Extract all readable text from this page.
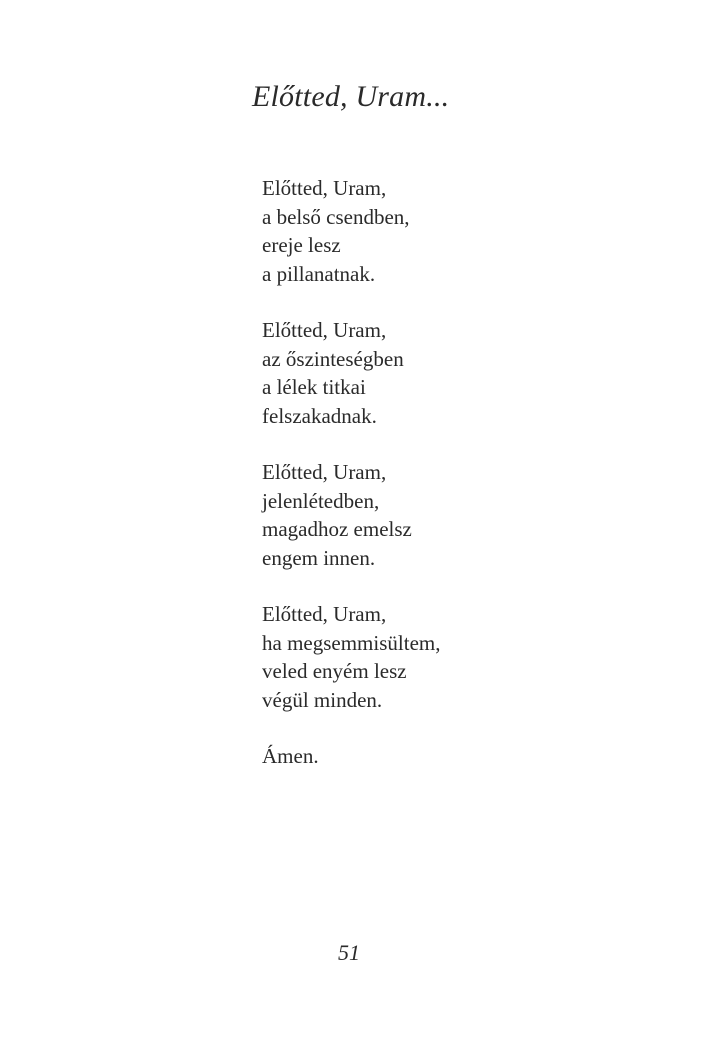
Előtted, Uram...
Előtted, Uram,
a belső csendben,
ereje lesz
a pillanatnak.
Előtted, Uram,
az őszinteségben
a lélek titkai
felszakadnak.
Előtted, Uram,
jelenlétedben,
magadhoz emelsz
engem innen.
Előtted, Uram,
ha megsemmisültem,
veled enyém lesz
végül minden.
Ámen.
51
